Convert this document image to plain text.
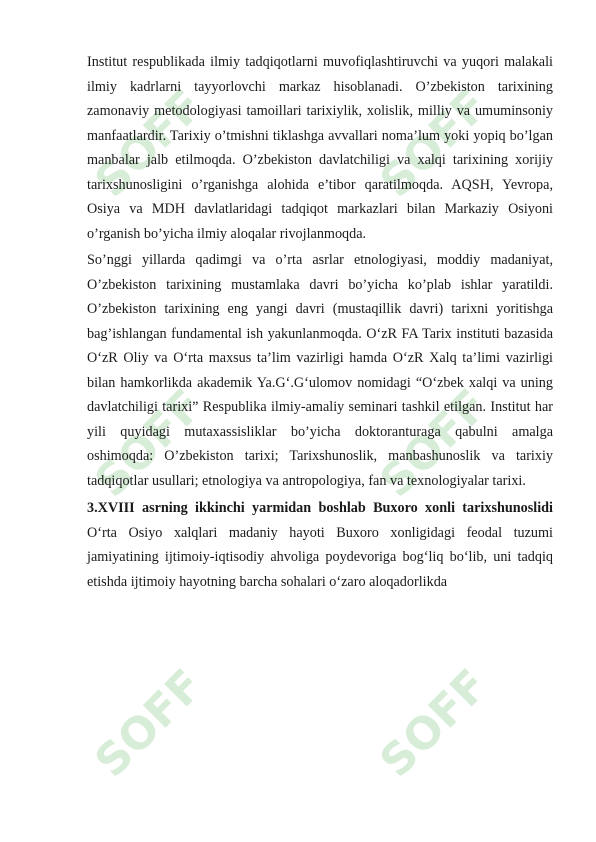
SOFF	SOFF
SOFF	SOFF
SOFF	SOFF

Institut respublikada ilmiy tadqiqotlarni muvofiqlashtiruvchi va yuqori malakali ilmiy kadrlarni tayyorlovchi markaz hisoblanadi. O’zbekiston tarixining zamonaviy metodologiyasi tamoillari tarixiylik, xolislik, milliy va umuminsoniy manfaatlardir. Tarixiy o’tmishni tiklashga avvallari noma’lum yoki yopiq bo’lgan manbalar jalb etilmoqda. O’zbekiston davlatchiligi va xalqi tarixining xorijiy tarixshunosligini o’rganishga alohida e’tibor qaratilmoqda. AQSH, Yevropa, Osiya va MDH davlatlaridagi tadqiqot markazlari bilan Markaziy Osiyoni o’rganish bo’yicha ilmiy aloqalar rivojlanmoqda.

So’nggi yillarda qadimgi va o’rta asrlar etnologiyasi, moddiy madaniyat, O’zbekiston tarixining mustamlaka davri bo’yicha ko’plab ishlar yaratildi. O’zbekiston tarixining eng yangi davri (mustaqillik davri) tarixni yoritishga bag’ishlangan fundamental ish yakunlanmoqda. O‘zR FA Tarix instituti bazasida O‘zR Oliy va O‘rta maxsus ta’lim vazirligi hamda O‘zR Xalq ta’limi vazirligi bilan hamkorlikda akademik Ya.G‘.G‘ulomov nomidagi “O‘zbek xalqi va uning davlatchiligi tarixi” Respublika ilmiy-amaliy seminari tashkil etilgan. Institut har yili quyidagi mutaxassisliklar bo’yicha doktoranturaga qabulni amalga oshimoqda: O’zbekiston tarixi; Tarixshunoslik, manbashunoslik va tarixiy tadqiqotlar usullari; etnologiya va antropologiya, fan va texnologiyalar tarixi.

3.XVIII asrning ikkinchi yarmidan boshlab Buxoro xonli tarixshunoslidi

O‘rta Osiyo xalqlari madaniy hayoti Buxoro xonligidagi feodal tuzumi jamiyatining ijtimoiy-iqtisodiy ahvoliga poydevoriga bog‘liq bo‘lib, uni tadqiq etishda ijtimoiy hayotning barcha sohalari o‘zaro aloqadorlikda
